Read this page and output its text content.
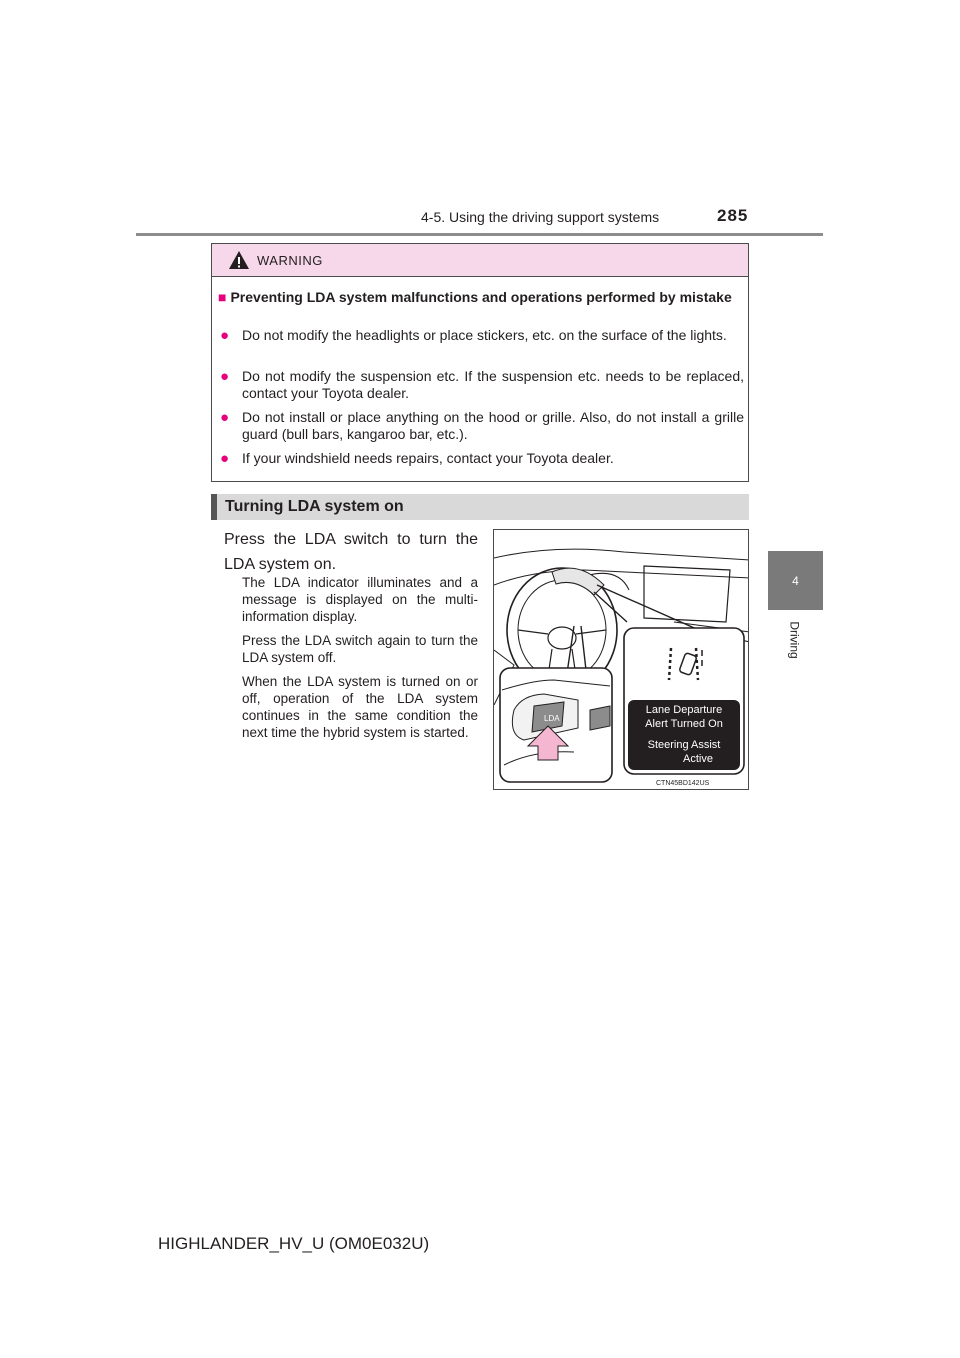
4-5. Using the driving support systems	285
4
Driving
WARNING
■ Preventing LDA system malfunctions and operations performed by mistake
● Do not modify the headlights or place stickers, etc. on the surface of the lights.
● Do not modify the suspension etc. If the suspension etc. needs to be replaced, contact your Toyota dealer.
● Do not install or place anything on the hood or grille. Also, do not install a grille guard (bull bars, kangaroo bar, etc.).
● If your windshield needs repairs, contact your Toyota dealer.
Turning LDA system on
Press the LDA switch to turn the LDA system on.
The LDA indicator illuminates and a message is displayed on the multi-information display.
Press the LDA switch again to turn the LDA system off.
When the LDA system is turned on or off, operation of the LDA system continues in the same condition the next time the hybrid system is started.
LDA
Lane Departure
Alert Turned On
Steering Assist
Active
CTN45BD142US
HIGHLANDER_HV_U (OM0E032U)
